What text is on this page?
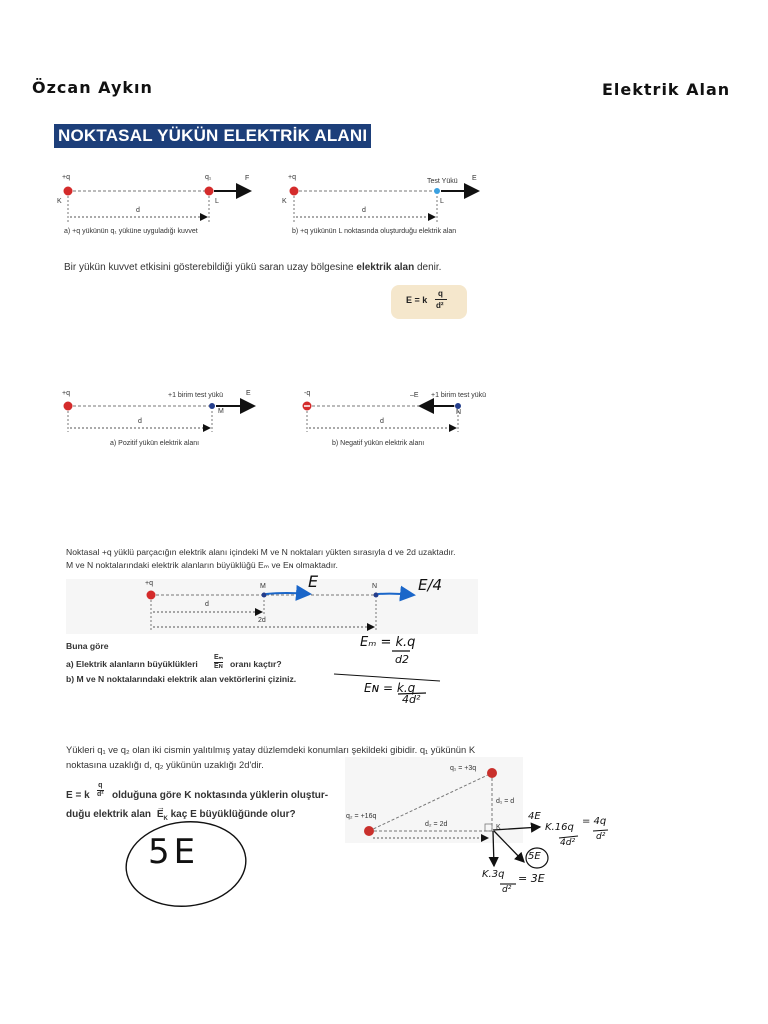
Özcan Aykın	Elektrik Alan
NOKTASAL YÜKÜN ELEKTRİK ALANI
+q	q₁	F
K	L
d
a) +q yükünün q₁ yüküne uyguladığı kuvvet
+q
Test Yükü E
K	L
d
b) +q yükünün L noktasında oluşturduğu elektrik alan
Bir yükün kuvvet etkisini gösterebildiği yükü saran uzay bölgesine elektrik alan denir.
E = k
q
d²
+q	+1 birim test yükü	E
M
d
a) Pozitif yükün elektrik alanı
-q	–E +1 birim test yükü
N
d
b) Negatif yükün elektrik alanı
Noktasal +q yüklü parçacığın elektrik alanı içindeki M ve N noktaları yükten sırasıyla d ve 2d uzaktadır.
M ve N noktalarındaki elektrik alanların büyüklüğü Eₘ ve Eɴ olmaktadır.
+q	M	N
d
2d
E	E/4
Buna göre
a) Elektrik alanların büyüklükleri
Eₘ
Eɴ oranı kaçtır?
b) M ve N noktalarındaki elektrik alan vektörlerini çiziniz.
Eₘ = k.q
d2
Eɴ = k.q
4d²
Yükleri q₁ ve q₂ olan iki cismin yalıtılmış yatay düzlemdeki konumları şekildeki gibidir. q₁ yükünün K
noktasına uzaklığı d, q₂ yükünün uzaklığı 2d'dir.
E = k
q
d² olduğuna göre K noktasında yüklerin oluştur-
duğu elektrik alan
→
$E_K$ kaç E büyüklüğünde olur?
q₁ = +3q
q₂ = +16q
d₁ = d
d₂ = 2d	K
5E
4E
K.16q
4d²
= 4q
d²
5E
K.3q
d²
= 3E
